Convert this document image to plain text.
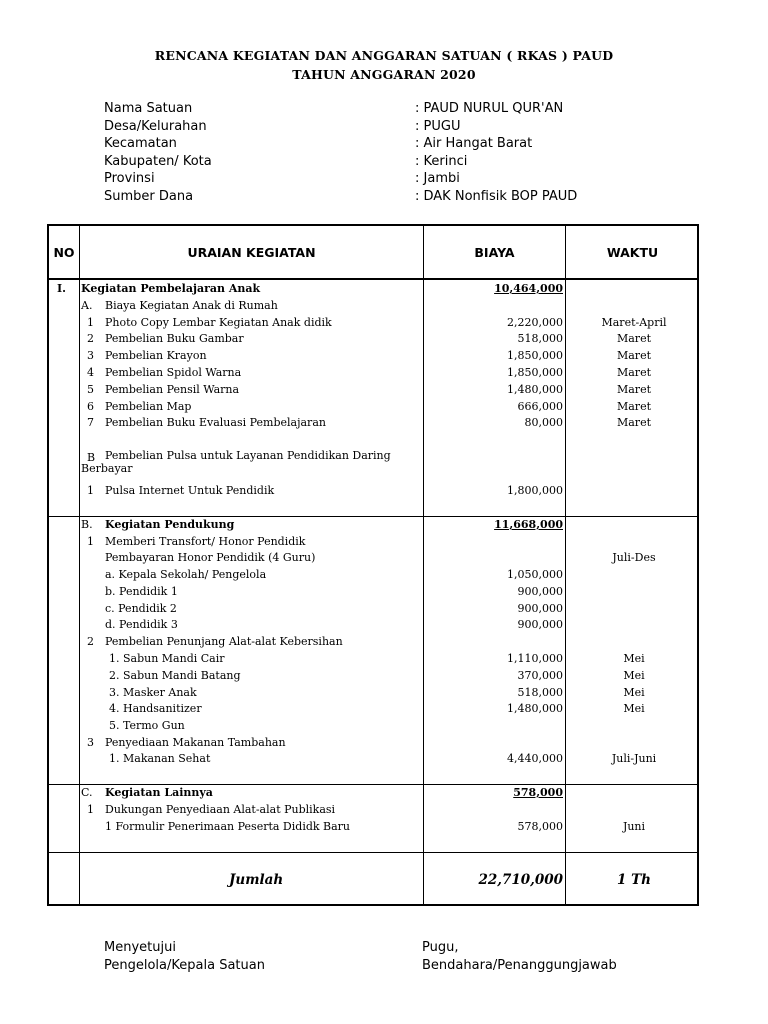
RENCANA KEGIATAN DAN ANGGARAN SATUAN ( RKAS ) PAUD
TAHUN ANGGARAN 2020
Nama Satuan	: PAUD NURUL QUR'AN
Desa/Kelurahan	: PUGU
Kecamatan	: Air Hangat Barat
Kabupaten/ Kota	: Kerinci
Provinsi	: Jambi
Sumber Dana	: DAK Nonfisik BOP PAUD
NO	URAIAN KEGIATAN	BIAYA	WAKTU
I. Kegiatan Pembelajaran Anak	10,464,000
A. Biaya Kegiatan Anak di Rumah
1 Photo Copy Lembar Kegiatan Anak didik	2,220,000	Maret-April
2 Pembelian Buku Gambar	518,000	Maret
3 Pembelian Krayon	1,850,000	Maret
4 Pembelian Spidol Warna	1,850,000	Maret
5 Pembelian Pensil Warna	1,480,000	Maret
6 Pembelian Map	666,000	Maret
7 Pembelian Buku Evaluasi Pembelajaran	80,000	Maret
B Pembelian Pulsa untuk Layanan Pendidikan Daring
Berbayar
1 Pulsa Internet Untuk Pendidik	1,800,000
B. Kegiatan Pendukung	11,668,000
1 Memberi Transfort/ Honor Pendidik
Pembayaran Honor Pendidik (4 Guru)	Juli-Des
a. Kepala Sekolah/ Pengelola	1,050,000
b. Pendidik 1	900,000
c. Pendidik 2	900,000
d. Pendidik 3	900,000
2 Pembelian Penunjang Alat-alat Kebersihan
1. Sabun Mandi Cair	1,110,000	Mei
2. Sabun Mandi Batang	370,000	Mei
3. Masker Anak	518,000	Mei
4. Handsanitizer	1,480,000	Mei
5. Termo Gun
3 Penyediaan Makanan Tambahan
1. Makanan Sehat	4,440,000	Juli-Juni
C. Kegiatan Lainnya	578,000
1 Dukungan Penyediaan Alat-alat Publikasi
1 Formulir Penerimaan Peserta Dididk Baru	578,000	Juni
Jumlah	22,710,000	1 Th
Menyetujui
Pengelola/Kepala Satuan
Pugu,
Bendahara/Penanggungjawab
